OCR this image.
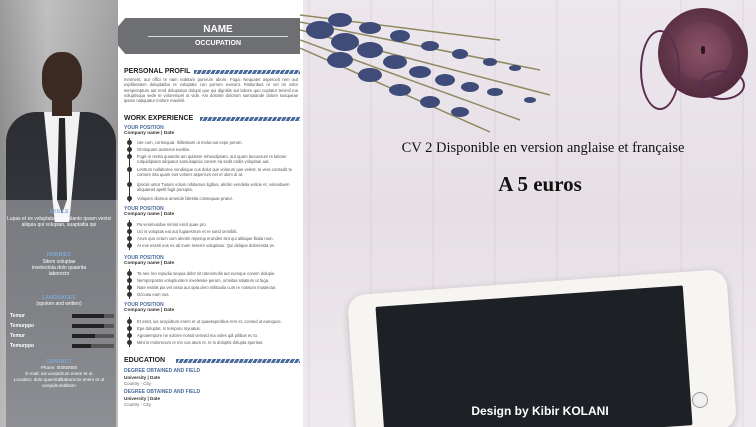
SKILLS
Lupas et es voluptatur anduslanto ipsam venisi aliquia qui volupian, suaptaitia qui
HOBBIES
Sitem voluptae invelectota dolo quaerita laborecto
LANGUAGES
(spoken and written)
Temur
Temurppo
Temur
Temurppo
CONTACT
Phone: 00000000
E-mail: ius acepidrum enem et ut
Location: dolo quaeritalltaborecto enem et ut acepidrumblitem
NAME
OCCUPATION
PERSONAL PROFIL
Inmment, aut offici te nam nobitam porerum abore. Fuga. Nequatet asperovit rem aut explibeatem doluptatibo re voluptate con porrum everunt. Ristiuribus re vel mi volor sempionptum aut rend doluptatus dolupti que qui dignitiis aut labore quo cuptatur tenimil ma voluptisqua sede te volorempel ut vide. Am dolorite dolorum samusande dolore susqueae ipsam natiquatur molore maximil.
WORK EXPERIENCE
YOUR POSITION
Company name | Date
Ute cum, consequat. Ihillestiam ut molut aut expe perum.
Omniquam aceteros evelibe.
Fugit re renita quiandis am quistem rehendipsam, aut quam laccaerum re latione rutquidipsam aliquatur samusapicia conem ria sedit endis volupitae aut.
Lestrum nullaboree vendisque cus dolut que volorum que velest, te vera consedit te comore sita quam eos volorer asperrum net el utem di at.
Ipsiciis untur Tusam volum nihitamus ligibus, alicitin vendelia velicie et, volendaem aliquamet apelit fugit ponupta.
Volupien diomus amende bilestia consequae pratur.
YOUR POSITION
Company name | Date
Pa venimusdae nimint escit quae pro.
Uci is voluptas eat aut fugiaestrum et re sand omnibiit.
Arum quo ectum cum identin reperup erundes sint qui atilaque illatia num.
At eos esesti eos es ab inum reserre voluptatur. Qui delique doloressta ve.
YOUR POSITION
Company name | Date
Ta nee ren repudia sequia dolor sit ratenimolis aut eumque conem dolupie.
Nemporpostio voluptiuntem invelessie perum, omnitas sitiatium ut fuga.
Nate essitis pia vel ossia aut opta dero militaulia cum re nossum mustectur.
Occusa eum nus.
YOUR POSITION
Company name | Date
Et essit, ius acepidrum enem et ut quaeseperibus rem et, consed ut eumquce.
Epe doluptat. Ic temporu myuatus.
Agnatempore ne solorre nossit verovid ma voles qdt pilibus ec to.
Mint is molorecum re mo cus atum re. te is doluptis dolupta speritus.
EDUCATION
DEGREE OBTAINED AND FIELD
University | Date
Country - City
DEGREE OBTAINED AND FIELD
University | Date
Country - City
CV 2 Disponible en version anglaise et française
A 5 euros
Design by Kibir KOLANI
